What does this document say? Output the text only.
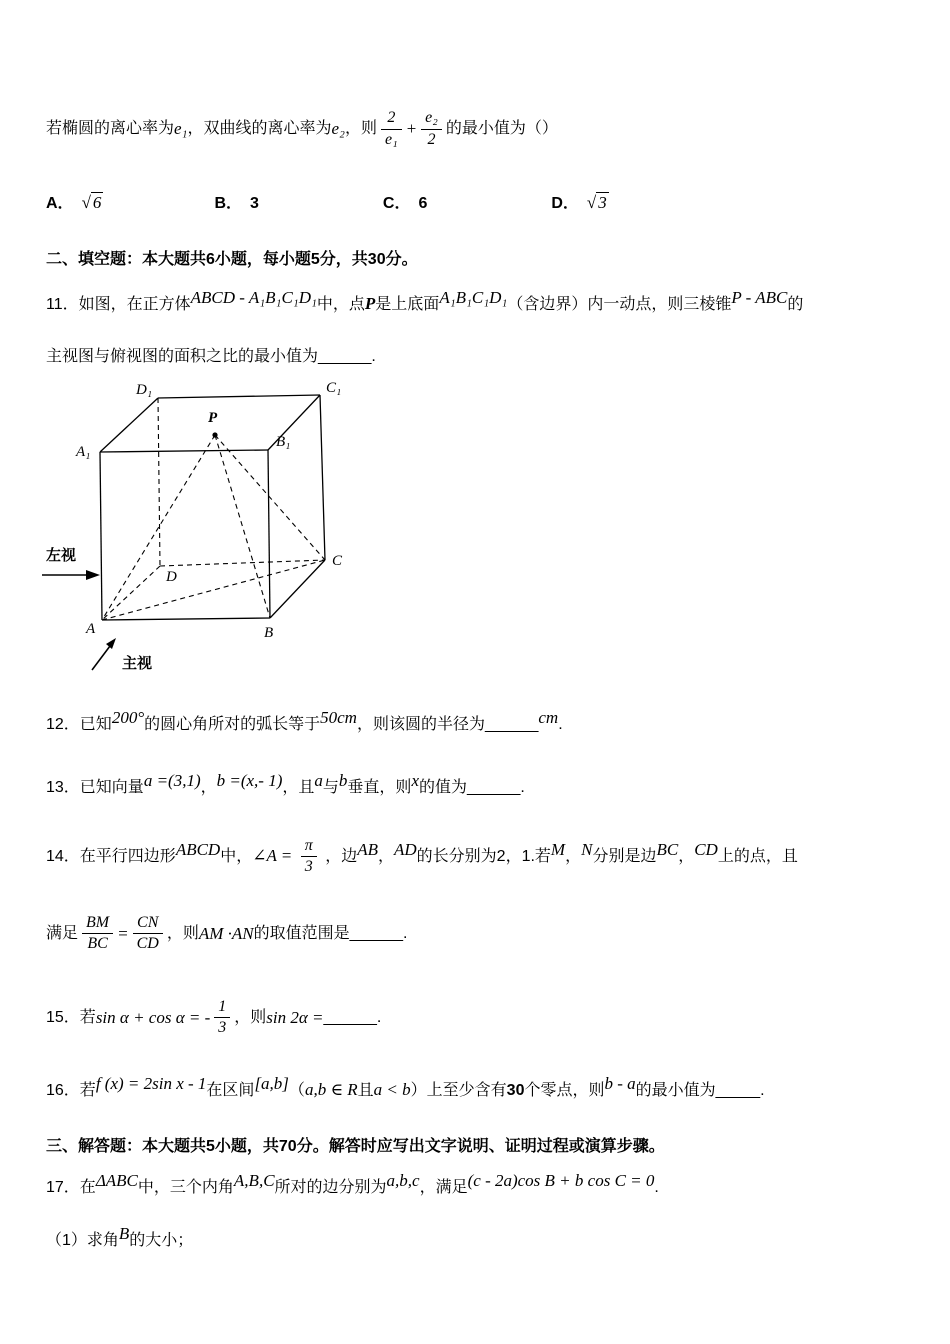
若椭圆的离心率为 e₁ ，双曲线的离心率为 e₂ ，则 $\frac{2}{\text{e₁}} + \frac{\text{e₂}}{2}$ 的最小值为（）
A． √ 6	B． 3	C． 6	D． √ 3
二、填空题：本大题共6小题，每小题5分，共30分。
11．如图，在正方体ABCD - A₁B₁C₁D₁中，点P是上底面A₁B₁C₁D₁（含边界）内一动点，则三棱锥P - ABC的
主视图与俯视图的面积之比的最小值为______.
D₁	C₁
A₁
B₁
P
D
C
A	B
左视
主视
12．已知200°的圆心角所对的弧长等于50cm，则该圆的半径为______cm.
13．已知向量a =(3,1)，b =(x,- 1)，且a与b垂直，则x的值为______.
14．在平行四边形ABCD中，∠A = $\frac{\pi}{3}$ ，边AB，AD的长分别为2，1.若M，N分别是边BC，CD上的点，且
满足 $\frac{BM}{BC} = \frac{CN}{CD}$ ，则 AM ·AN 的取值范围是______.
15．若 sin α + cos α = - $\frac{1}{3}$ ，则 sin 2α = ______.
16．若f (x) = 2sin x - 1在区间[a,b]（a,b ∈ R且a < b）上至少含有30个零点，则b - a的最小值为_____.
三、解答题：本大题共5小题，共70分。解答时应写出文字说明、证明过程或演算步骤。
17．在ΔABC中，三个内角A,B,C所对的边分别为a,b,c，满足(c - 2a)cos B + b cos C = 0.
（1）求角B的大小；
